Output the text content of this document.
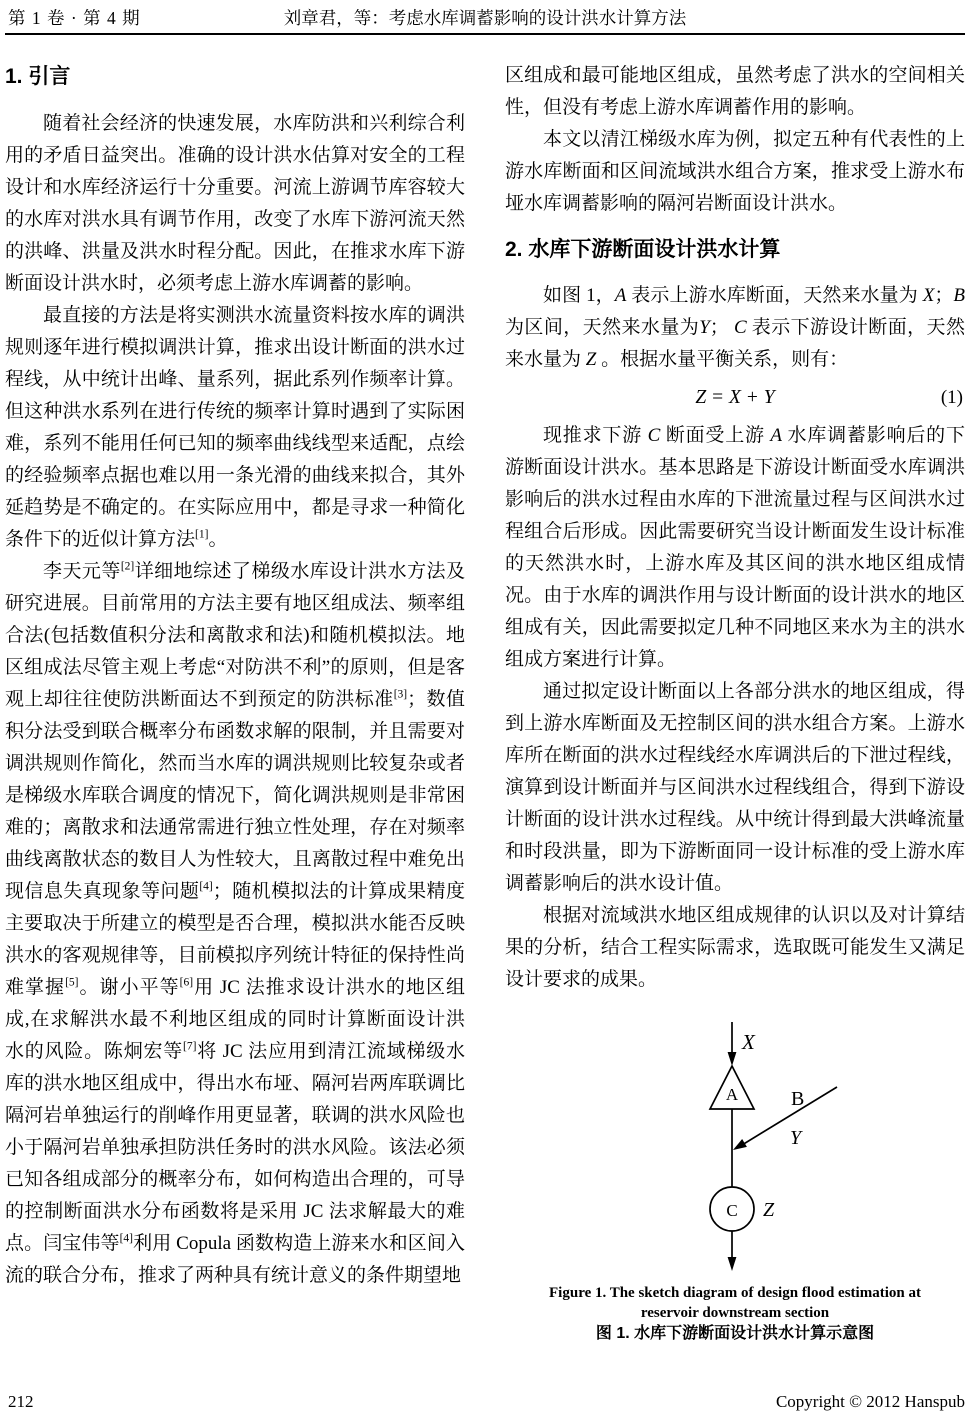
第 1 卷 · 第 4 期	刘章君，等：考虑水库调蓄影响的设计洪水计算方法
1. 引言

随着社会经济的快速发展，水库防洪和兴利综合利用的矛盾日益突出。准确的设计洪水估算对安全的工程设计和水库经济运行十分重要。河流上游调节库容较大的水库对洪水具有调节作用，改变了水库下游河流天然的洪峰、洪量及洪水时程分配。因此，在推求水库下游断面设计洪水时，必须考虑上游水库调蓄的影响。

最直接的方法是将实测洪水流量资料按水库的调洪规则逐年进行模拟调洪计算，推求出设计断面的洪水过程线，从中统计出峰、量系列，据此系列作频率计算。但这种洪水系列在进行传统的频率计算时遇到了实际困难，系列不能用任何已知的频率曲线线型来适配，点绘的经验频率点据也难以用一条光滑的曲线来拟合，其外延趋势是不确定的。在实际应用中，都是寻求一种简化条件下的近似计算方法[1]。

李天元等[2]详细地综述了梯级水库设计洪水方法及研究进展。目前常用的方法主要有地区组成法、频率组合法(包括数值积分法和离散求和法)和随机模拟法。地区组成法尽管主观上考虑“对防洪不利”的原则，但是客观上却往往使防洪断面达不到预定的防洪标准[3]；数值积分法受到联合概率分布函数求解的限制，并且需要对调洪规则作简化，然而当水库的调洪规则比较复杂或者是梯级水库联合调度的情况下，简化调洪规则是非常困难的；离散求和法通常需进行独立性处理，存在对频率曲线离散状态的数目人为性较大，且离散过程中难免出现信息失真现象等问题[4]；随机模拟法的计算成果精度主要取决于所建立的模型是否合理，模拟洪水能否反映洪水的客观规律等，目前模拟序列统计特征的保持性尚难掌握[5]。谢小平等[6]用 JC 法推求设计洪水的地区组成,在求解洪水最不利地区组成的同时计算断面设计洪水的风险。陈炯宏等[7]将 JC 法应用到清江流域梯级水库的洪水地区组成中，得出水布垭、隔河岩两库联调比隔河岩单独运行的削峰作用更显著，联调的洪水风险也小于隔河岩单独承担防洪任务时的洪水风险。该法必须已知各组成部分的概率分布，如何构造出合理的，可导的控制断面洪水分布函数将是采用 JC 法求解最大的难点。闫宝伟等[4]利用 Copula 函数构造上游来水和区间入流的联合分布，推求了两种具有统计意义的条件期望地

区组成和最可能地区组成，虽然考虑了洪水的空间相关性，但没有考虑上游水库调蓄作用的影响。

本文以清江梯级水库为例，拟定五种有代表性的上游水库断面和区间流域洪水组合方案，推求受上游水布垭水库调蓄影响的隔河岩断面设计洪水。

2. 水库下游断面设计洪水计算

如图 1，A 表示上游水库断面，天然来水量为 X；B 为区间，天然来水量为Y； C 表示下游设计断面，天然来水量为 Z 。根据水量平衡关系，则有：

Z = X + Y	(1)

现推求下游 C 断面受上游 A 水库调蓄影响后的下游断面设计洪水。基本思路是下游设计断面受水库调洪影响后的洪水过程由水库的下泄流量过程与区间洪水过程组合后形成。因此需要研究当设计断面发生设计标准的天然洪水时，上游水库及其区间的洪水地区组成情况。由于水库的调洪作用与设计断面的设计洪水的地区组成有关，因此需要拟定几种不同地区来水为主的洪水组成方案进行计算。

通过拟定设计断面以上各部分洪水的地区组成，得到上游水库断面及无控制区间的洪水组合方案。上游水库所在断面的洪水过程线经水库调洪后的下泄过程线，演算到设计断面并与区间洪水过程线组合，得到下游设计断面的设计洪水过程线。从中统计得到最大洪峰流量和时段洪量，即为下游断面同一设计标准的受上游水库调蓄影响后的洪水设计值。

根据对流域洪水地区组成规律的认识以及对计算结果的分析，结合工程实际需求，选取既可能发生又满足设计要求的成果。

X
A	B
Y
C Z
Figure 1. The sketch diagram of design flood estimation at
reservoir downstream section
图 1. 水库下游断面设计洪水计算示意图
212	Copyright © 2012 Hanspub
